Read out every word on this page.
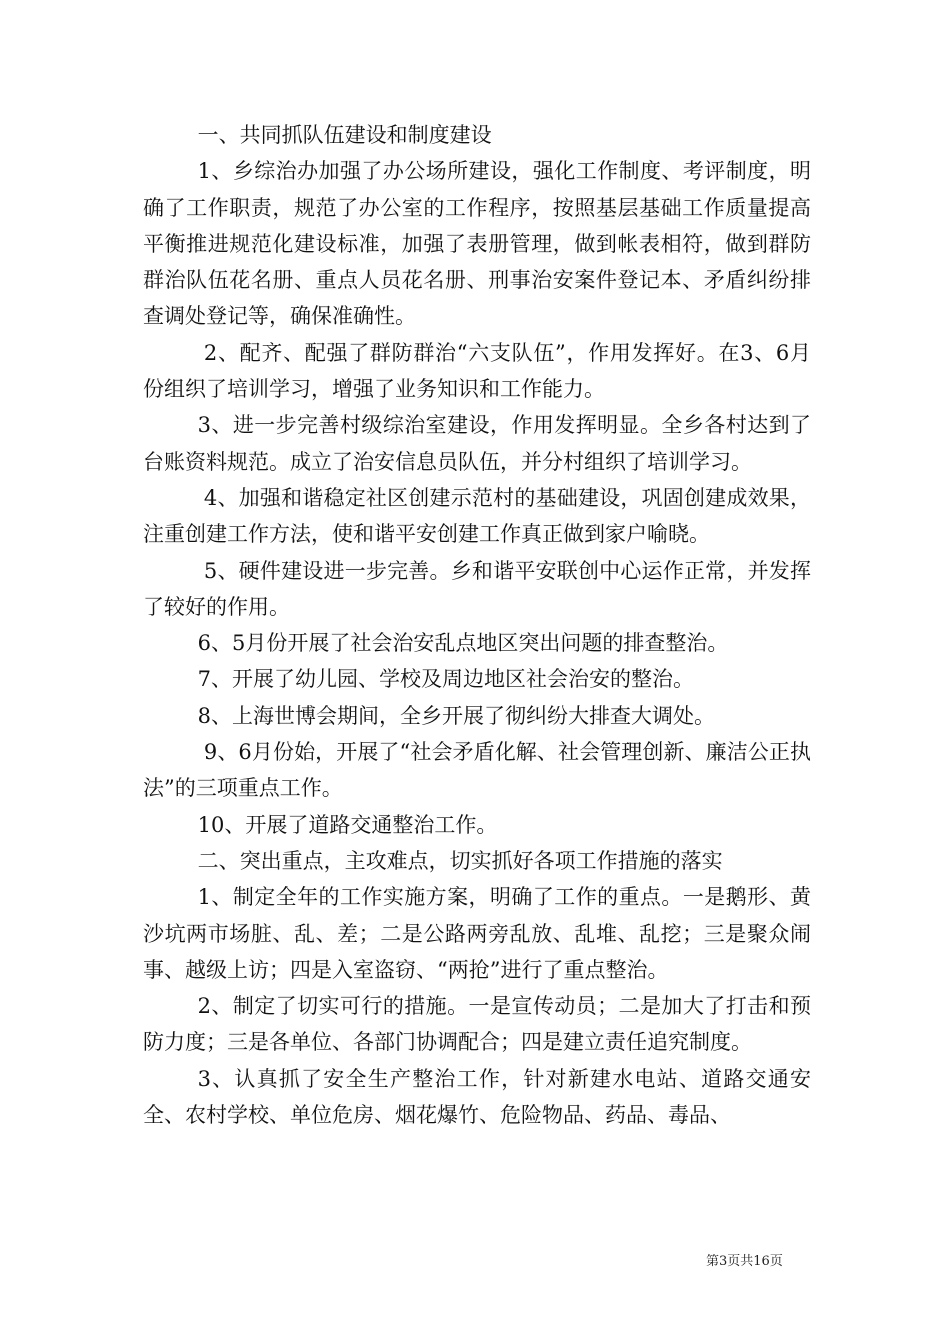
一、共同抓队伍建设和制度建设

1、乡综治办加强了办公场所建设，强化工作制度、考评制度，明确了工作职责，规范了办公室的工作程序，按照基层基础工作质量提高平衡推进规范化建设标准，加强了表册管理，做到帐表相符，做到群防群治队伍花名册、重点人员花名册、刑事治安案件登记本、矛盾纠纷排查调处登记等，确保准确性。

2、配齐、配强了群防群治“六支队伍”，作用发挥好。在3、6月份组织了培训学习，增强了业务知识和工作能力。

3、进一步完善村级综治室建设，作用发挥明显。全乡各村达到了台账资料规范。成立了治安信息员队伍，并分村组织了培训学习。

4、加强和谐稳定社区创建示范村的基础建设，巩固创建成效果，注重创建工作方法，使和谐平安创建工作真正做到家户喻晓。

5、硬件建设进一步完善。乡和谐平安联创中心运作正常，并发挥了较好的作用。

6、5月份开展了社会治安乱点地区突出问题的排查整治。

7、开展了幼儿园、学校及周边地区社会治安的整治。

8、上海世博会期间，全乡开展了彻纠纷大排查大调处。

9、6月份始，开展了“社会矛盾化解、社会管理创新、廉洁公正执法”的三项重点工作。

10、开展了道路交通整治工作。

二、突出重点，主攻难点，切实抓好各项工作措施的落实

1、制定全年的工作实施方案，明确了工作的重点。一是鹅形、黄沙坑两市场脏、乱、差；二是公路两旁乱放、乱堆、乱挖；三是聚众闹事、越级上访；四是入室盗窃、“两抢”进行了重点整治。

2、制定了切实可行的措施。一是宣传动员；二是加大了打击和预防力度；三是各单位、各部门协调配合；四是建立责任追究制度。

3、认真抓了安全生产整治工作，针对新建水电站、道路交通安全、农村学校、单位危房、烟花爆竹、危险物品、药品、毒品、

第3页共16页
